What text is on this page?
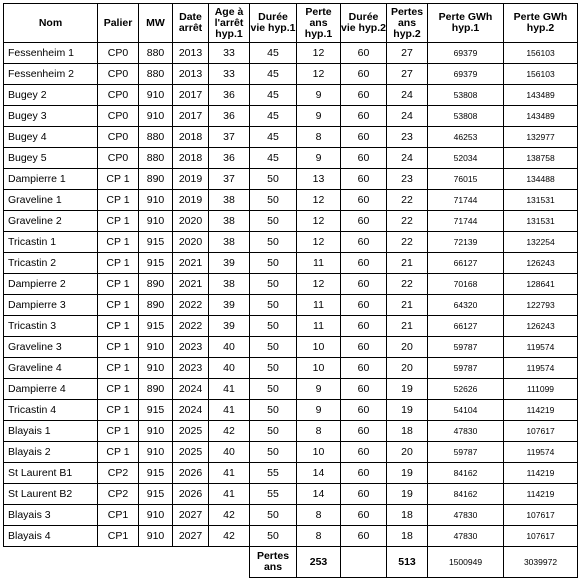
Nom	Palier	MW	Date arrêt	Age à l'arrêt hyp.1	Durée vie hyp.1	Perte ans hyp.1	Durée vie hyp.2	Pertes ans hyp.2	Perte GWh hyp.1	Perte GWh hyp.2
Fessenheim 1	CP0	880	2013	33	45	12	60	27	69379	156103
Fessenheim 2	CP0	880	2013	33	45	12	60	27	69379	156103
Bugey 2	CP0	910	2017	36	45	9	60	24	53808	143489
Bugey 3	CP0	910	2017	36	45	9	60	24	53808	143489
Bugey 4	CP0	880	2018	37	45	8	60	23	46253	132977
Bugey 5	CP0	880	2018	36	45	9	60	24	52034	138758
Dampierre 1	CP 1	890	2019	37	50	13	60	23	76015	134488
Graveline 1	CP 1	910	2019	38	50	12	60	22	71744	131531
Graveline 2	CP 1	910	2020	38	50	12	60	22	71744	131531
Tricastin 1	CP 1	915	2020	38	50	12	60	22	72139	132254
Tricastin 2	CP 1	915	2021	39	50	11	60	21	66127	126243
Dampierre 2	CP 1	890	2021	38	50	12	60	22	70168	128641
Dampierre 3	CP 1	890	2022	39	50	11	60	21	64320	122793
Tricastin 3	CP 1	915	2022	39	50	11	60	21	66127	126243
Graveline 3	CP 1	910	2023	40	50	10	60	20	59787	119574
Graveline 4	CP 1	910	2023	40	50	10	60	20	59787	119574
Dampierre 4	CP 1	890	2024	41	50	9	60	19	52626	111099
Tricastin 4	CP 1	915	2024	41	50	9	60	19	54104	114219
Blayais 1	CP 1	910	2025	42	50	8	60	18	47830	107617
Blayais 2	CP 1	910	2025	40	50	10	60	20	59787	119574
St Laurent B1	CP2	915	2026	41	55	14	60	19	84162	114219
St Laurent B2	CP2	915	2026	41	55	14	60	19	84162	114219
Blayais 3	CP1	910	2027	42	50	8	60	18	47830	107617
Blayais 4	CP1	910	2027	42	50	8	60	18	47830	107617
					Pertes ans	253		513	1500949	3039972
